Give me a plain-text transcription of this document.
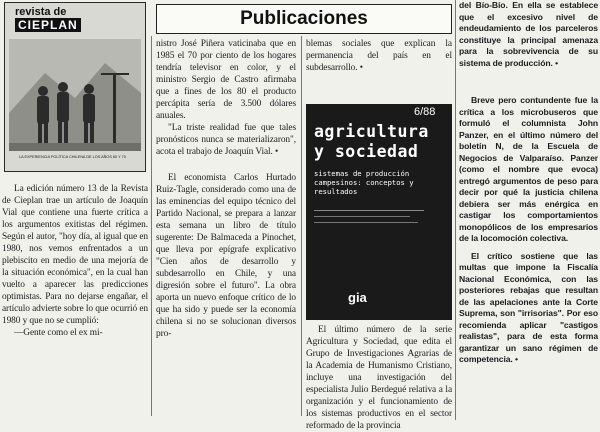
revista de
CIEPLAN
LA EXPERIENCIA POLÍTICA CHILENA DE LOS AÑOS 60 Y 70

La edición número 13 de la Revista de Cieplan trae un artículo de Joaquín Vial que contiene una fuerte crítica a los argumentos exitistas del régimen. Según el autor, "hoy día, al igual que en 1980, nos vemos enfrentados a un plebiscito en medio de una mejoría de la situación económica", en la cual han vuelto a aparecer las predicciones optimistas. Para no dejarse engañar, el artículo advierte sobre lo que ocurrió en 1980 y que no se cumplió:

—Gente como el ex mi-

Publicaciones

nistro José Piñera vaticinaba que en 1985 el 70 por ciento de los hogares tendría televisor en color, y el ministro Sergio de Castro afirmaba que a fines de los 80 el producto percápita sería de 3.500 dólares anuales.

"La triste realidad fue que tales pronósticos nunca se materializaron", acota el trabajo de Joaquín Vial. •

El economista Carlos Hurtado Ruiz-Tagle, considerado como una de las eminencias del equipo técnico del Partido Nacional, se prepara a lanzar esta semana un libro de título sugerente: De Balmaceda a Pinochet, que lleva por epígrafe explicativo "Cien años de desarrollo y subdesarrollo en Chile, y una digresión sobre el futuro". La obra aporta un nuevo enfoque crítico de lo que ha sido y puede ser la economía chilena si no se solucionan diversos pro-

blemas sociales que explican la permanencia del país en el subdesarrollo. •

6/88
agricultura
y sociedad
sistemas de producción campesinos: conceptos y resultados
gia

El último número de la serie Agricultura y Sociedad, que edita el Grupo de Investigaciones Agrarias de la Academia de Humanismo Cristiano, incluye una investigación del especialista Julio Berdegué relativa a la organización y el funcionamiento de los sistemas productivos en el sector reformado de la provincia

del Bío-Bío. En ella se establece que el excesivo nivel de endeudamiento de los parceleros constituye la principal amenaza para la sobrevivencia de su sistema de producción. •

Breve pero contundente fue la crítica a los microbuseros que formuló el columnista John Panzer, en el último número del boletín N, de la Escuela de Negocios de Valparaíso. Panzer (como el nombre que evoca) entregó argumentos de peso para decir por qué la justicia chilena debiera ser más enérgica en castigar los comportamientos monopólicos de los empresarios de la locomoción colectiva.

El crítico sostiene que las multas que impone la Fiscalía Nacional Económica, con las posteriores rebajas que resultan de las apelaciones ante la Corte Suprema, son "irrisorias". Por eso recomienda aplicar "castigos realistas", para de esta forma garantizar un sano régimen de competencia. •
